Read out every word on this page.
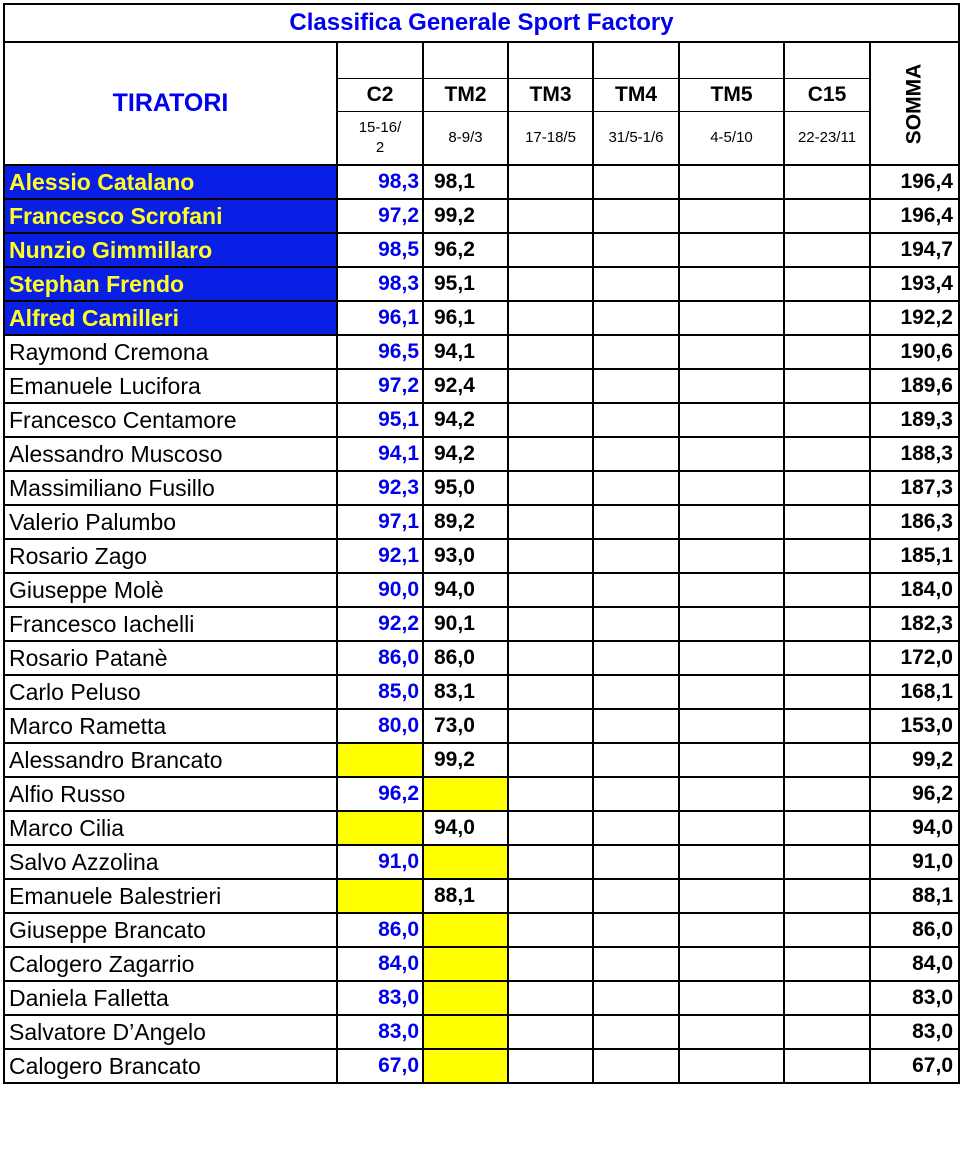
Classifica Generale Sport Factory							
TIRATORI							SOMMA
	C2	TM2	TM3	TM4	TM5	C15	
	15-16/2	8-9/3	17-18/5	31/5-1/6	4-5/10	22-23/11	
Alessio Catalano	98,3	98,1					196,4
Francesco Scrofani	97,2	99,2					196,4
Nunzio Gimmillaro	98,5	96,2					194,7
Stephan Frendo	98,3	95,1					193,4
Alfred Camilleri	96,1	96,1					192,2
Raymond Cremona	96,5	94,1					190,6
Emanuele Lucifora	97,2	92,4					189,6
Francesco Centamore	95,1	94,2					189,3
Alessandro Muscoso	94,1	94,2					188,3
Massimiliano Fusillo	92,3	95,0					187,3
Valerio Palumbo	97,1	89,2					186,3
Rosario Zago	92,1	93,0					185,1
Giuseppe Molè	90,0	94,0					184,0
Francesco Iachelli	92,2	90,1					182,3
Rosario Patanè	86,0	86,0					172,0
Carlo Peluso	85,0	83,1					168,1
Marco Rametta	80,0	73,0					153,0
Alessandro Brancato		99,2					99,2
Alfio Russo	96,2						96,2
Marco Cilia		94,0					94,0
Salvo Azzolina	91,0						91,0
Emanuele Balestrieri		88,1					88,1
Giuseppe Brancato	86,0						86,0
Calogero Zagarrio	84,0						84,0
Daniela Falletta	83,0						83,0
Salvatore D’Angelo	83,0						83,0
Calogero Brancato	67,0						67,0
